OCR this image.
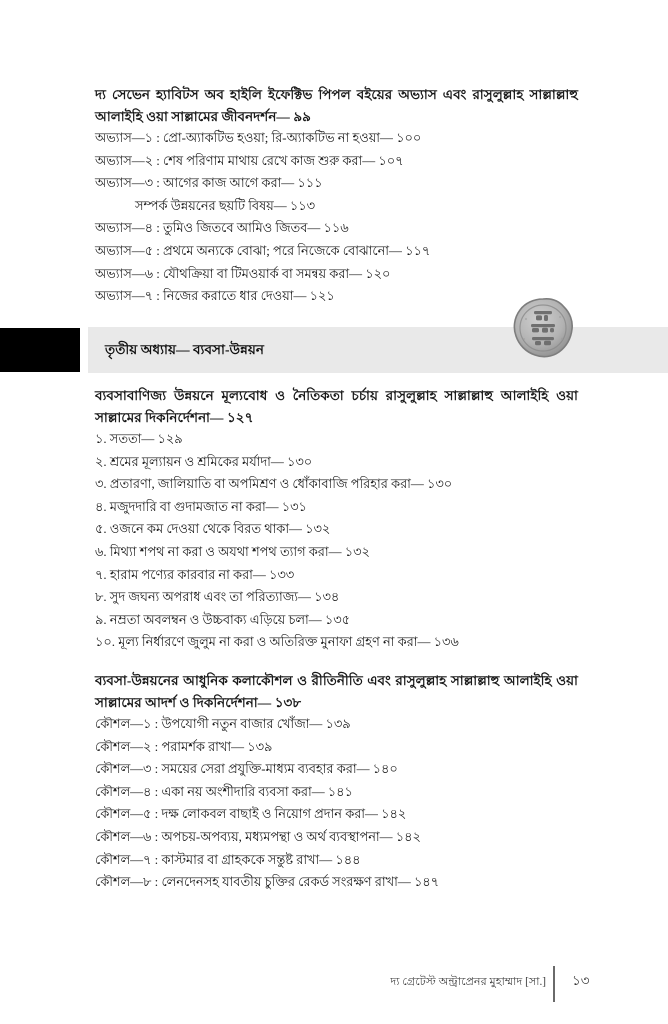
দ্য সেভেন হ্যাবিটস অব হাইলি ইফেক্টিভ পিপল বইয়ের অভ্যাস এবং রাসুলুল্লাহ সাল্লাল্লাহু আলাইহি ওয়া সাল্লামের জীবনদর্শন— ৯৯

অভ্যাস—১ : প্রো-অ্যাকটিভ হওয়া; রি-অ্যাকটিভ না হওয়া— ১০০
অভ্যাস—২ : শেষ পরিণাম মাথায় রেখে কাজ শুরু করা— ১০৭
অভ্যাস—৩ : আগের কাজ আগে করা— ১১১
সম্পর্ক উন্নয়নের ছয়টি বিষয়— ১১৩
অভ্যাস—৪ : তুমিও জিতবে আমিও জিতব— ১১৬
অভ্যাস—৫ : প্রথমে অন্যকে বোঝা; পরে নিজেকে বোঝানো— ১১৭
অভ্যাস—৬ : যৌথক্রিয়া বা টিমওয়ার্ক বা সমন্বয় করা— ১২০
অভ্যাস—৭ : নিজের করাতে ধার দেওয়া— ১২১
তৃতীয় অধ্যায়— ব্যবসা-উন্নয়ন

ব্যবসাবাণিজ্য উন্নয়নে মূল্যবোধ ও নৈতিকতা চর্চায় রাসুলুল্লাহ সাল্লাল্লাহু আলাইহি ওয়া সাল্লামের দিকনির্দেশনা— ১২৭

১. সততা— ১২৯
২. শ্রমের মূল্যায়ন ও শ্রমিকের মর্যাদা— ১৩০
৩. প্রতারণা, জালিয়াতি বা অপমিশ্রণ ও ধোঁকাবাজি পরিহার করা— ১৩০
৪. মজুদদারি বা গুদামজাত না করা— ১৩১
৫. ওজনে কম দেওয়া থেকে বিরত থাকা— ১৩২
৬. মিথ্যা শপথ না করা ও অযথা শপথ ত্যাগ করা— ১৩২
৭. হারাম পণ্যের কারবার না করা— ১৩৩
৮. সুদ জঘন্য অপরাধ এবং তা পরিত্যাজ্য— ১৩৪
৯. নম্রতা অবলম্বন ও উচ্চবাক্য এড়িয়ে চলা— ১৩৫
১০. মূল্য নির্ধারণে জুলুম না করা ও অতিরিক্ত মুনাফা গ্রহণ না করা— ১৩৬

ব্যবসা-উন্নয়নের আধুনিক কলাকৌশল ও রীতিনীতি এবং রাসুলুল্লাহ সাল্লাল্লাহু আলাইহি ওয়া সাল্লামের আদর্শ ও দিকনির্দেশনা— ১৩৮

কৌশল—১ : উপযোগী নতুন বাজার খোঁজা— ১৩৯
কৌশল—২ : পরামর্শক রাখা— ১৩৯
কৌশল—৩ : সময়ের সেরা প্রযুক্তি-মাধ্যম ব্যবহার করা— ১৪০
কৌশল—৪ : একা নয় অংশীদারি ব্যবসা করা— ১৪১
কৌশল—৫ : দক্ষ লোকবল বাছাই ও নিয়োগ প্রদান করা— ১৪২
কৌশল—৬ : অপচয়-অপব্যয়, মধ্যমপন্থা ও অর্থ ব্যবস্থাপনা— ১৪২
কৌশল—৭ : কাস্টমার বা গ্রাহককে সন্তুষ্ট রাখা— ১৪৪
কৌশল—৮ : লেনদেনসহ যাবতীয় চুক্তির রেকর্ড সংরক্ষণ রাখা— ১৪৭
দ্য গ্রেটেস্ট অন্ট্রাপ্রেনর মুহাম্মাদ [সা.] ১৩
